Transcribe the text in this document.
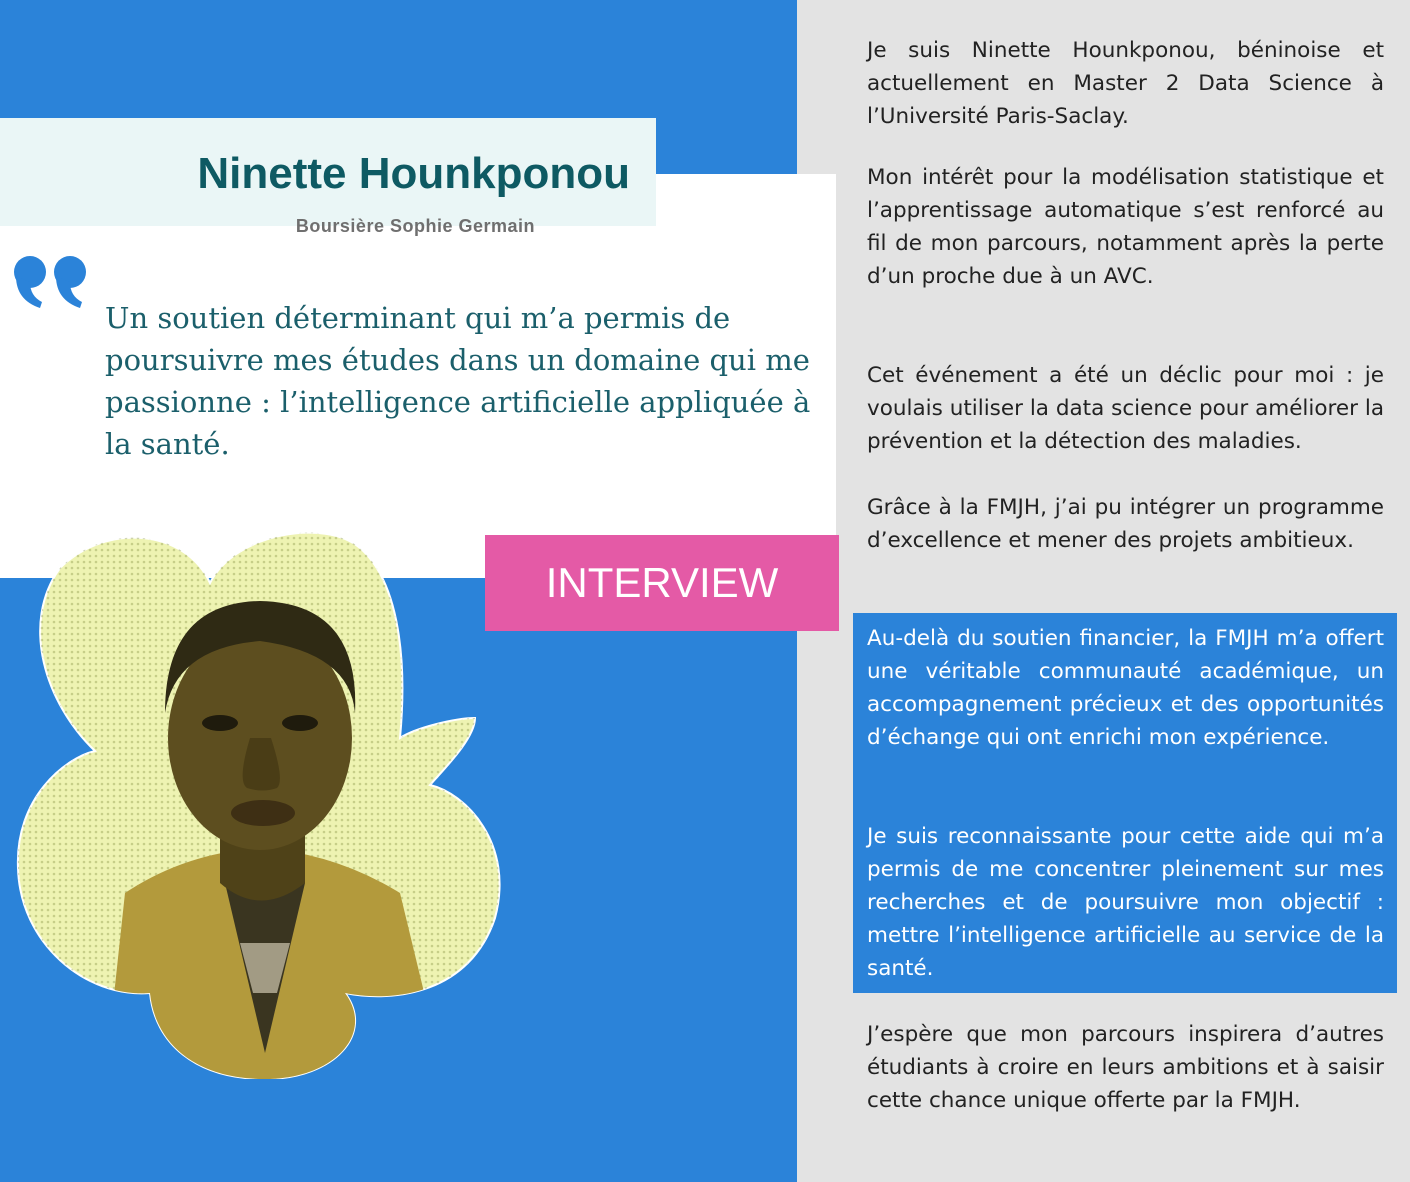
Ninette Hounkponou
Boursière Sophie Germain

Un soutien déterminant qui m’a permis de poursuivre mes études dans un domaine qui me passionne : l’intelligence artificielle appliquée à la santé.

INTERVIEW

Je suis Ninette Hounkponou, béninoise et actuellement en Master 2 Data Science à l’Université Paris-Saclay.

Mon intérêt pour la modélisation statistique et l’apprentissage automatique s’est renforcé au fil de mon parcours, notamment après la perte d’un proche due à un AVC.

Cet événement a été un déclic pour moi : je voulais utiliser la data science pour améliorer la prévention et la détection des maladies.

Grâce à la FMJH, j’ai pu intégrer un programme d’excellence et mener des projets ambitieux.

Au-delà du soutien financier, la FMJH m’a offert une véritable communauté académique, un accompagnement précieux et des opportunités d’échange qui ont enrichi mon expérience.

Je suis reconnaissante pour cette aide qui m’a permis de me concentrer pleinement sur mes recherches et de poursuivre mon objectif : mettre l’intelligence artificielle au service de la santé.

J’espère que mon parcours inspirera d’autres étudiants à croire en leurs ambitions et à saisir cette chance unique offerte par la FMJH.
